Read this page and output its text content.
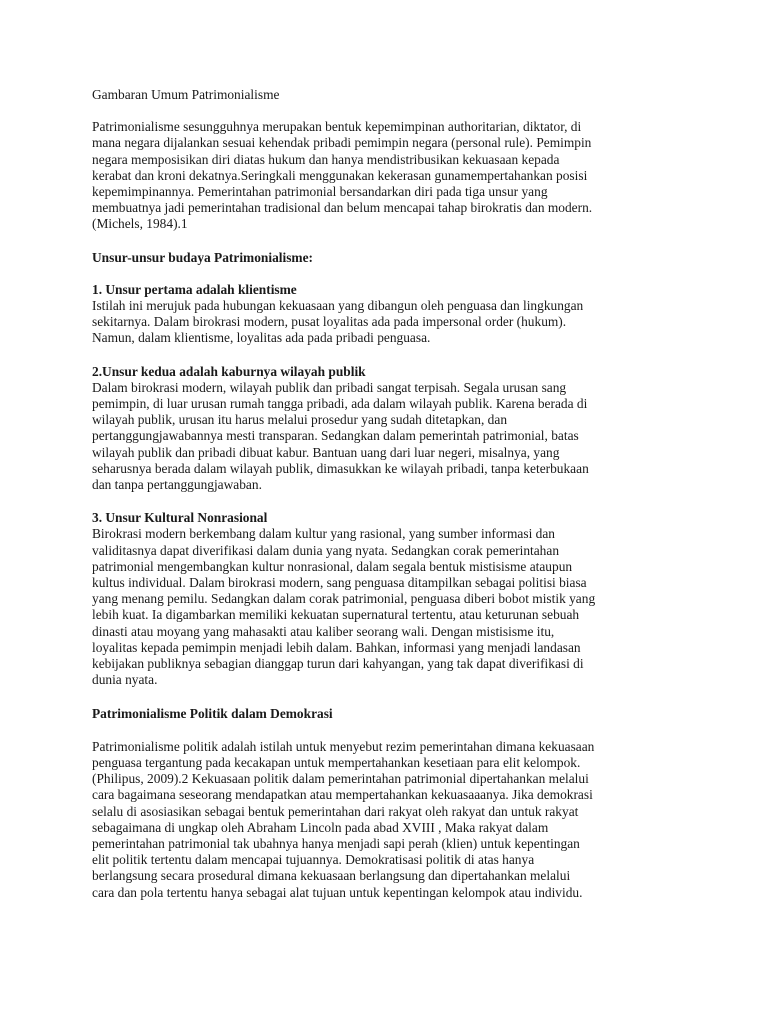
Gambaran Umum Patrimonialisme

Patrimonialisme sesungguhnya merupakan bentuk kepemimpinan authoritarian, diktator, di
mana negara dijalankan sesuai kehendak pribadi pemimpin negara (personal rule). Pemimpin
negara memposisikan diri diatas hukum dan hanya mendistribusikan kekuasaan kepada
kerabat dan kroni dekatnya.Seringkali menggunakan kekerasan gunamempertahankan posisi
kepemimpinannya. Pemerintahan patrimonial bersandarkan diri pada tiga unsur yang
membuatnya jadi pemerintahan tradisional dan belum mencapai tahap birokratis dan modern.
(Michels, 1984).1

Unsur-unsur budaya Patrimonialisme:

1. Unsur pertama adalah klientisme

Istilah ini merujuk pada hubungan kekuasaan yang dibangun oleh penguasa dan lingkungan
sekitarnya. Dalam birokrasi modern, pusat loyalitas ada pada impersonal order (hukum).
Namun, dalam klientisme, loyalitas ada pada pribadi penguasa.

2.Unsur kedua adalah kaburnya wilayah publik

Dalam birokrasi modern, wilayah publik dan pribadi sangat terpisah. Segala urusan sang
pemimpin, di luar urusan rumah tangga pribadi, ada dalam wilayah publik. Karena berada di
wilayah publik, urusan itu harus melalui prosedur yang sudah ditetapkan, dan
pertanggungjawabannya mesti transparan. Sedangkan dalam pemerintah patrimonial, batas
wilayah publik dan pribadi dibuat kabur. Bantuan uang dari luar negeri, misalnya, yang
seharusnya berada dalam wilayah publik, dimasukkan ke wilayah pribadi, tanpa keterbukaan
dan tanpa pertanggungjawaban.

3. Unsur Kultural Nonrasional

Birokrasi modern berkembang dalam kultur yang rasional, yang sumber informasi dan
validitasnya dapat diverifikasi dalam dunia yang nyata. Sedangkan corak pemerintahan
patrimonial mengembangkan kultur nonrasional, dalam segala bentuk mistisisme ataupun
kultus individual. Dalam birokrasi modern, sang penguasa ditampilkan sebagai politisi biasa
yang menang pemilu. Sedangkan dalam corak patrimonial, penguasa diberi bobot mistik yang
lebih kuat. Ia digambarkan memiliki kekuatan supernatural tertentu, atau keturunan sebuah
dinasti atau moyang yang mahasakti atau kaliber seorang wali. Dengan mistisisme itu,
loyalitas kepada pemimpin menjadi lebih dalam. Bahkan, informasi yang menjadi landasan
kebijakan publiknya sebagian dianggap turun dari kahyangan, yang tak dapat diverifikasi di
dunia nyata.

Patrimonialisme Politik dalam Demokrasi

Patrimonialisme politik adalah istilah untuk menyebut rezim pemerintahan dimana kekuasaan
penguasa tergantung pada kecakapan untuk mempertahankan kesetiaan para elit kelompok.
(Philipus, 2009).2 Kekuasaan politik dalam pemerintahan patrimonial dipertahankan melalui
cara bagaimana seseorang mendapatkan atau mempertahankan kekuasaaanya. Jika demokrasi
selalu di asosiasikan sebagai bentuk pemerintahan dari rakyat oleh rakyat dan untuk rakyat
sebagaimana di ungkap oleh Abraham Lincoln pada abad XVIII , Maka rakyat dalam
pemerintahan patrimonial tak ubahnya hanya menjadi sapi perah (klien) untuk kepentingan
elit politik tertentu dalam mencapai tujuannya. Demokratisasi politik di atas hanya
berlangsung secara prosedural dimana kekuasaan berlangsung dan dipertahankan melalui
cara dan pola tertentu hanya sebagai alat tujuan untuk kepentingan kelompok atau individu.
